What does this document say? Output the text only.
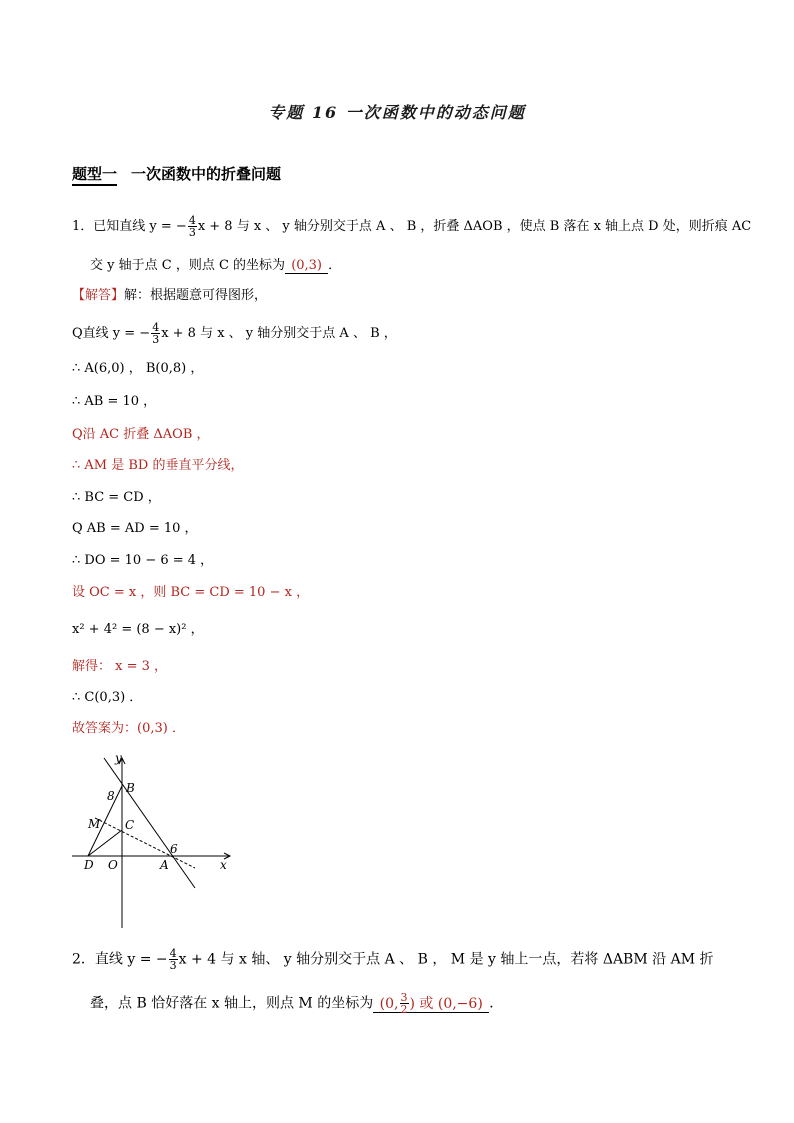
专题 16 一次函数中的动态问题
题型一 一次函数中的折叠问题
1．已知直线 y = − $\frac{4}{3}$ x + 8 与 x 、 y 轴分别交于点 A 、 B ，折叠 ΔAOB ，使点 B 落在 x 轴上点 D 处，则折痕 AC
交 y 轴于点 C ，则点 C 的坐标为 (0,3) ．
【解答】解：根据题意可得图形，
Q直线 y = − $\frac{4}{3}$ x + 8 与 x 、 y 轴分别交于点 A 、 B ，
∴ A(6,0) ， B(0,8) ，
∴ AB = 10 ，
Q沿 AC 折叠 ΔAOB ，
∴ AM 是 BD 的垂直平分线，
∴ BC = CD ，
Q AB = AD = 10 ，
∴ DO = 10 − 6 = 4 ，
设 OC = x ，则 BC = CD = 10 − x ，
x² + 4² = (8 − x)² ，
解得： x = 3 ，
∴ C(0,3) ．
故答案为：(0,3) ．
y
x
B
8
M C
D O	A
6
2．直线 y = − $\frac{4}{3}$ x + 4 与 x 轴、 y 轴分别交于点 A 、 B ， M 是 y 轴上一点，若将 ΔABM 沿 AM 折
叠，点 B 恰好落在 x 轴上，则点 M 的坐标为 (0, $\frac{3}{2}$ ) 或 (0,−6) ．
